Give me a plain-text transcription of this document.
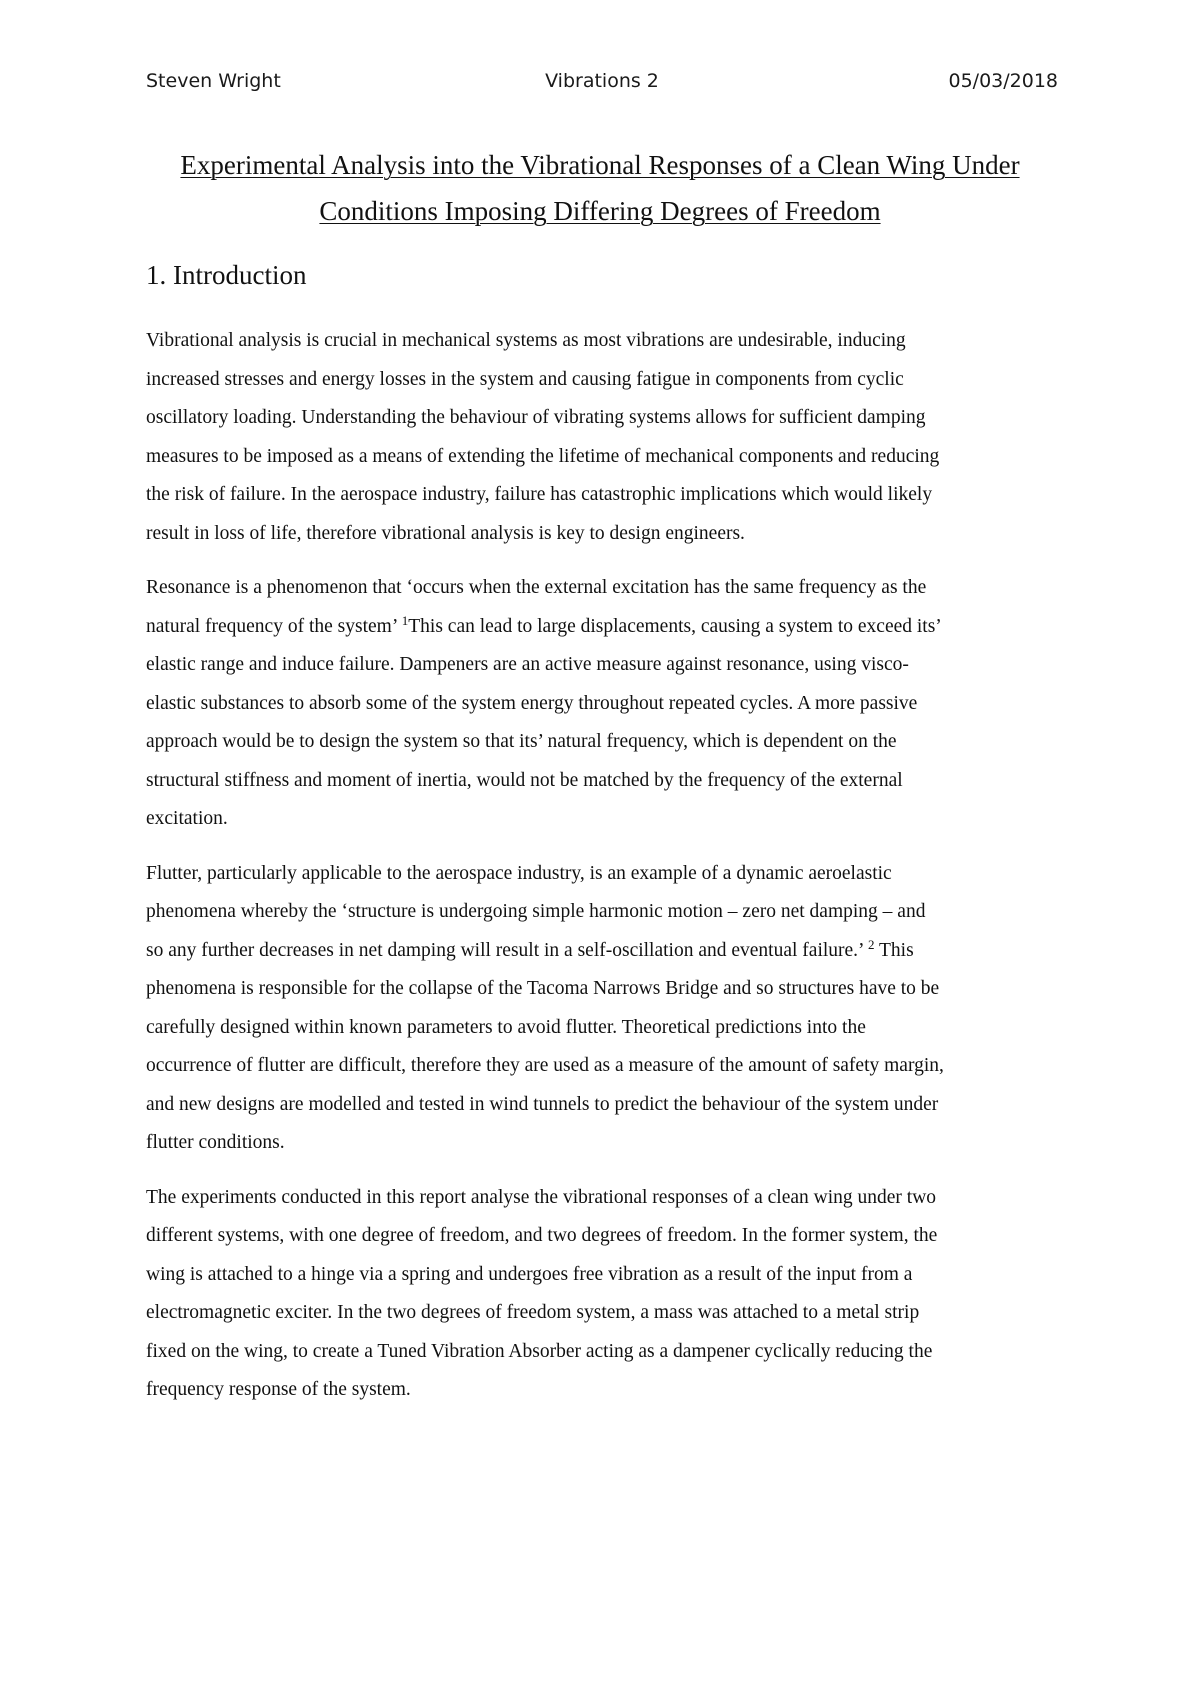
Steven Wright	Vibrations 2	05/03/2018
Experimental Analysis into the Vibrational Responses of a Clean Wing Under
Conditions Imposing Differing Degrees of Freedom
1. Introduction

Vibrational analysis is crucial in mechanical systems as most vibrations are undesirable, inducing
increased stresses and energy losses in the system and causing fatigue in components from cyclic
oscillatory loading. Understanding the behaviour of vibrating systems allows for sufficient damping
measures to be imposed as a means of extending the lifetime of mechanical components and reducing
the risk of failure. In the aerospace industry, failure has catastrophic implications which would likely
result in loss of life, therefore vibrational analysis is key to design engineers.

Resonance is a phenomenon that ‘occurs when the external excitation has the same frequency as the
natural frequency of the system’ $^1$This can lead to large displacements, causing a system to exceed its’
elastic range and induce failure. Dampeners are an active measure against resonance, using visco-
elastic substances to absorb some of the system energy throughout repeated cycles. A more passive
approach would be to design the system so that its’ natural frequency, which is dependent on the
structural stiffness and moment of inertia, would not be matched by the frequency of the external
excitation.

Flutter, particularly applicable to the aerospace industry, is an example of a dynamic aeroelastic
phenomena whereby the ‘structure is undergoing simple harmonic motion – zero net damping – and
so any further decreases in net damping will result in a self-oscillation and eventual failure.’ $^2$ This
phenomena is responsible for the collapse of the Tacoma Narrows Bridge and so structures have to be
carefully designed within known parameters to avoid flutter. Theoretical predictions into the
occurrence of flutter are difficult, therefore they are used as a measure of the amount of safety margin,
and new designs are modelled and tested in wind tunnels to predict the behaviour of the system under
flutter conditions.

The experiments conducted in this report analyse the vibrational responses of a clean wing under two
different systems, with one degree of freedom, and two degrees of freedom. In the former system, the
wing is attached to a hinge via a spring and undergoes free vibration as a result of the input from a
electromagnetic exciter. In the two degrees of freedom system, a mass was attached to a metal strip
fixed on the wing, to create a Tuned Vibration Absorber acting as a dampener cyclically reducing the
frequency response of the system.
